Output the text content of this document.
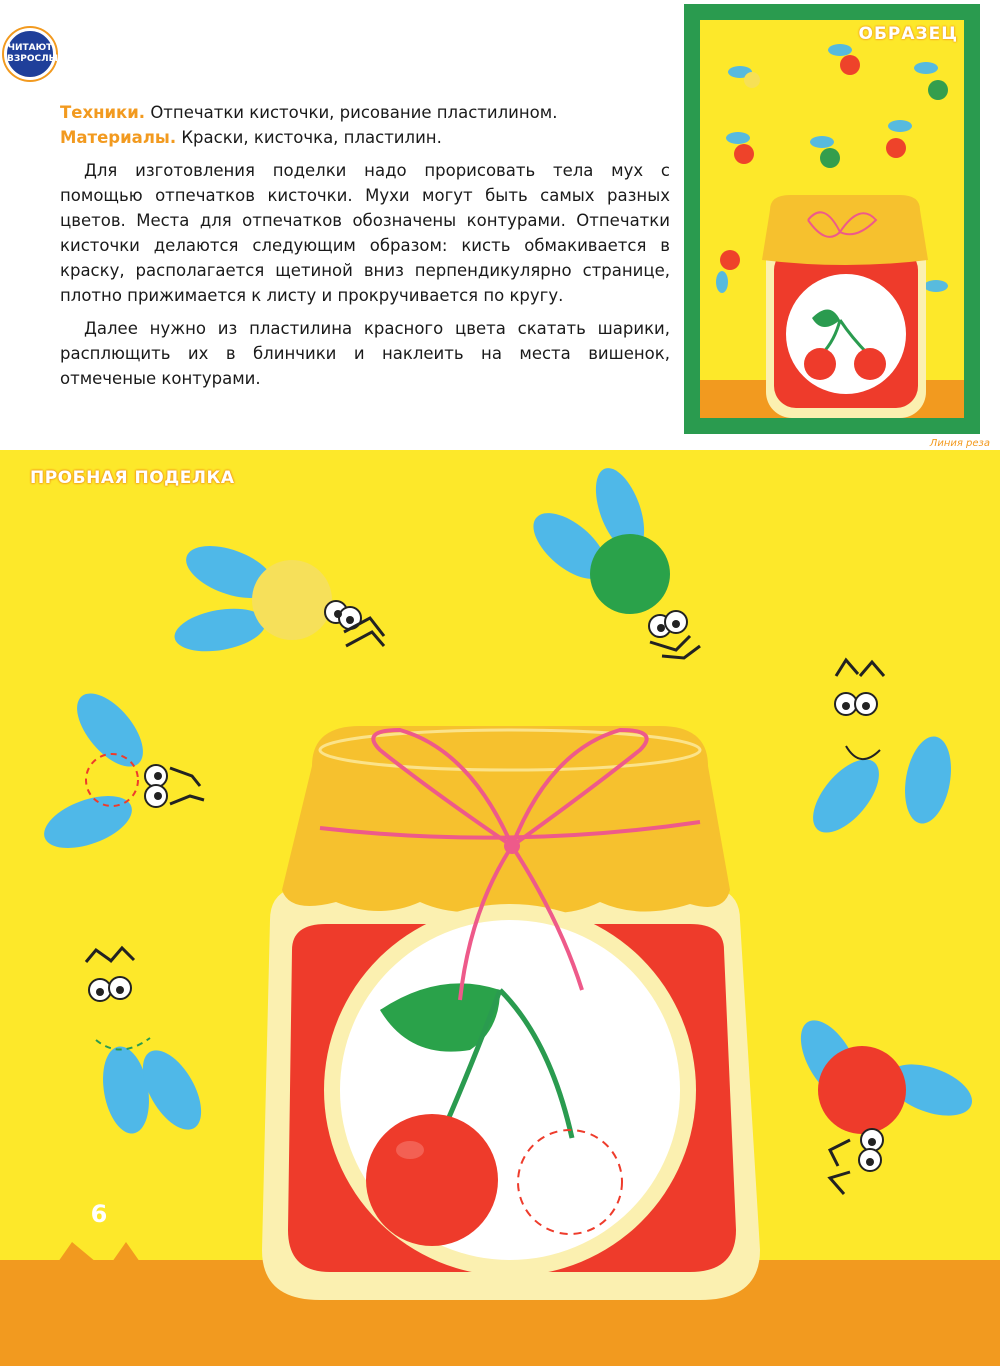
ЧИТАЮТ
ВЗРОСЛЫЕ
мухи и варенье

Техники. Отпечатки кисточки, рисование пластилином.

Материалы. Краски, кисточка, пластилин.

Для изготовления поделки надо прорисовать тела мух с помощью отпечатков кисточки. Мухи могут быть самых разных цветов. Места для отпечатков обозначены контурами. Отпечатки кисточки делаются следующим образом: кисть обмакивается в краску, располагается щетиной вниз перпендикулярно странице, плотно прижимается к листу и прокручивается по кругу.

Далее нужно из пластилина красного цвета скатать шарики, расплющить их в блинчики и наклеить на места вишенок, отмеченые контурами.

ОБРАЗЕЦ
Линия реза
ПРОБНАЯ ПОДЕЛКА
6
